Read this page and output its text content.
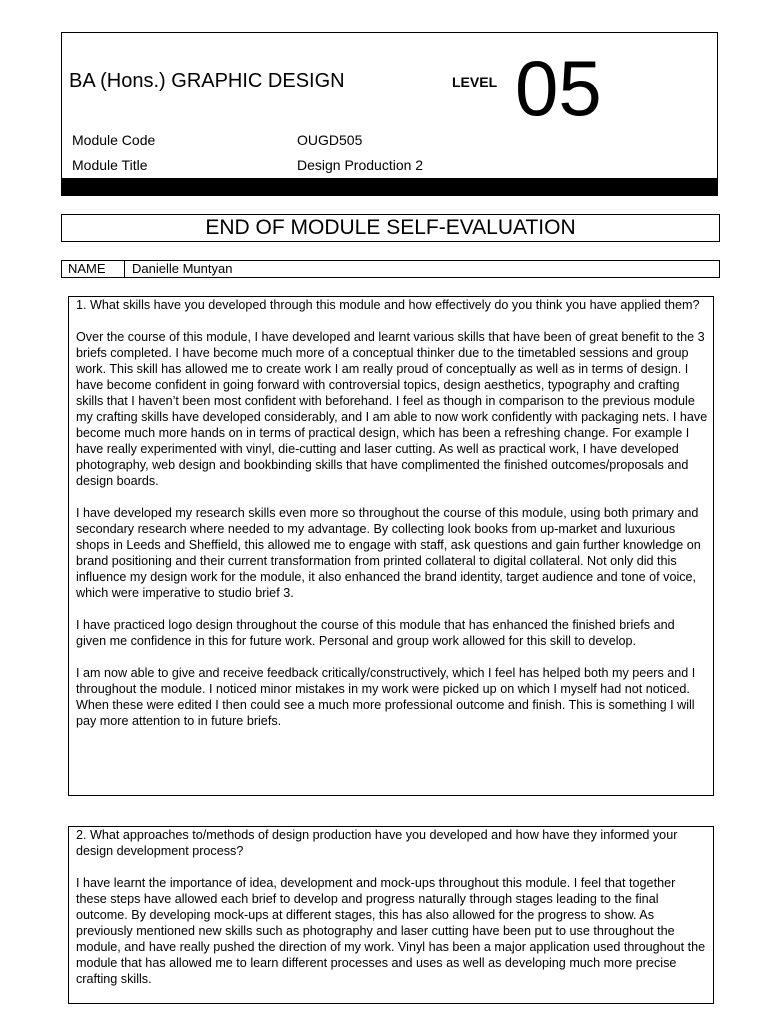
BA (Hons.) GRAPHIC DESIGN	LEVEL 05
Module Code	OUGD505
Module Title	Design Production 2
END OF MODULE SELF-EVALUATION
NAME Danielle Muntyan

1. What skills have you developed through this module and how effectively do you think you have applied them?

Over the course of this module, I have developed and learnt various skills that have been of great benefit to the 3 briefs completed. I have become much more of a conceptual thinker due to the timetabled sessions and group work. This skill has allowed me to create work I am really proud of conceptually as well as in terms of design. I have become confident in going forward with controversial topics, design aesthetics, typography and crafting skills that I haven’t been most confident with beforehand. I feel as though in comparison to the previous module my crafting skills have developed considerably, and I am able to now work confidently with packaging nets. I have become much more hands on in terms of practical design, which has been a refreshing change. For example I have really experimented with vinyl, die-cutting and laser cutting. As well as practical work, I have developed photography, web design and bookbinding skills that have complimented the finished outcomes/proposals and design boards.

I have developed my research skills even more so throughout the course of this module, using both primary and secondary research where needed to my advantage. By collecting look books from up-market and luxurious shops in Leeds and Sheffield, this allowed me to engage with staff, ask questions and gain further knowledge on brand positioning and their current transformation from printed collateral to digital collateral. Not only did this influence my design work for the module, it also enhanced the brand identity, target audience and tone of voice, which were imperative to studio brief 3.

I have practiced logo design throughout the course of this module that has enhanced the finished briefs and given me confidence in this for future work. Personal and group work allowed for this skill to develop.

I am now able to give and receive feedback critically/constructively, which I feel has helped both my peers and I throughout the module. I noticed minor mistakes in my work were picked up on which I myself had not noticed. When these were edited I then could see a much more professional outcome and finish. This is something I will pay more attention to in future briefs.

2. What approaches to/methods of design production have you developed and how have they informed your design development process?

I have learnt the importance of idea, development and mock-ups throughout this module. I feel that together these steps have allowed each brief to develop and progress naturally through stages leading to the final outcome. By developing mock-ups at different stages, this has also allowed for the progress to show. As previously mentioned new skills such as photography and laser cutting have been put to use throughout the module, and have really pushed the direction of my work. Vinyl has been a major application used throughout the module that has allowed me to learn different processes and uses as well as developing much more precise crafting skills.
